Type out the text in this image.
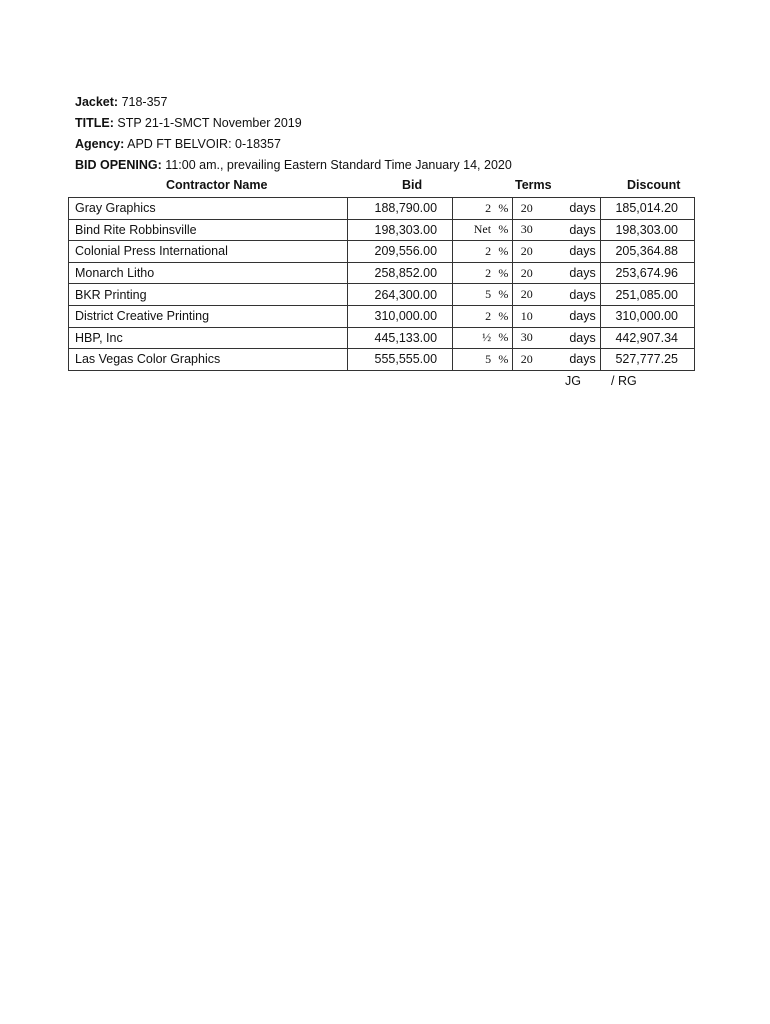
Jacket: 718-357
TITLE: STP 21-1-SMCT November 2019
Agency: APD FT BELVOIR: 0-18357
BID OPENING: 11:00 am., prevailing Eastern Standard Time January 14, 2020
Contractor Name	Bid	Terms	Discount
Gray Graphics	188,790.00	2	%	20	days	185,014.20
Bind Rite Robbinsville	198,303.00	Net	%	30	days	198,303.00
Colonial Press International	209,556.00	2	%	20	days	205,364.88
Monarch Litho	258,852.00	2	%	20	days	253,674.96
BKR Printing	264,300.00	5	%	20	days	251,085.00
District Creative Printing	310,000.00	2	%	10	days	310,000.00
HBP, Inc	445,133.00	½	%	30	days	442,907.34
Las Vegas Color Graphics	555,555.00	5	%	20	days	527,777.25
JG / RG
